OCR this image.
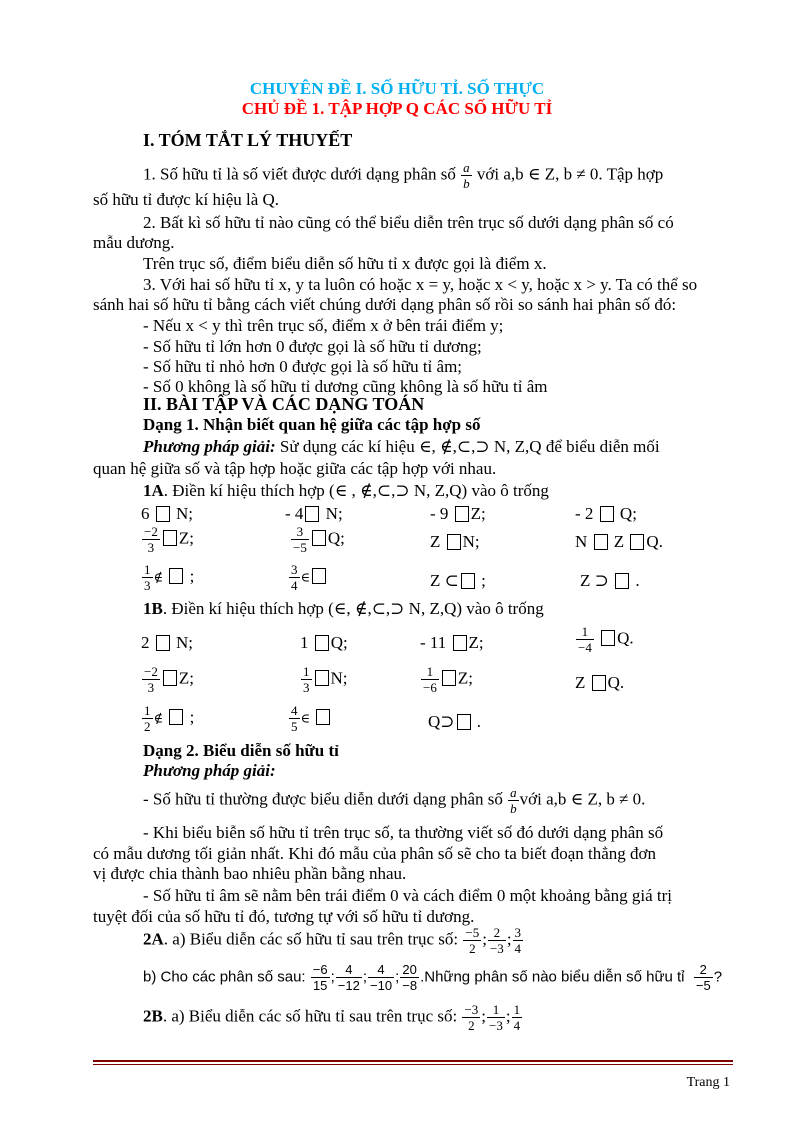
CHUYÊN ĐỀ I. SỐ HỮU TỈ. SỐ THỰC
CHỦ ĐỀ 1. TẬP HỢP Q CÁC SỐ HỮU TỈ
I. TÓM TẮT LÝ THUYẾT
1. Số hữu tỉ là số viết được dưới dạng phân số $\frac{a}{b}$ với a,b ∈ Z, b ≠ 0. Tập hợp
số hữu tỉ được kí hiệu là Q.
2. Bất kì số hữu tỉ nào cũng có thể biểu diễn trên trục số dưới dạng phân số có
mẫu dương.
Trên trục số, điểm biểu diễn số hữu tỉ x được gọi là điểm x.
3. Với hai số hữu tỉ x, y ta luôn có hoặc x = y, hoặc x < y, hoặc x > y. Ta có thể so
sánh hai số hữu tỉ bằng cách viết chúng dưới dạng phân số rồi so sánh hai phân số đó:
- Nếu x < y thì trên trục số, điểm x ở bên trái điểm y;
- Số hữu tỉ lớn hơn 0 được gọi là số hữu tỉ dương;
- Số hữu tỉ nhỏ hơn 0 được gọi là số hữu tỉ âm;
- Số 0 không là số hữu tỉ dương cũng không là số hữu tỉ âm
II. BÀI TẬP VÀ CÁC DẠNG TOÁN
Dạng 1. Nhận biết quan hệ giữa các tập hợp số
Phương pháp giải: Sử dụng các kí hiệu ∈, ∉,⊂,⊃ N, Z,Q để biểu diễn mối
quan hệ giữa số và tập hợp hoặc giữa các tập hợp với nhau.
1A. Điền kí hiệu thích hợp (∈ , ∉,⊂,⊃ N, Z,Q) vào ô trống
6 N;	- 4 N;	- 9 Z;	- 2 Q;
$\frac{-2}{3} Z$;	$\frac{3}{-5} Q$;	Z N;	N Z Q.
$\frac{1}{3}$ ∉ ;	$\frac{3}{4}$ ∈	Z ⊂ ;	Z ⊃ .
1B. Điền kí hiệu thích hợp (∈, ∉,⊂,⊃ N, Z,Q) vào ô trống
2 N;	1 Q;	- 11 Z;	$\frac{1}{-4} Q$.
$\frac{-2}{3} Z$;	$\frac{1}{3} N$;	$\frac{1}{-6} Z$;	Z Q.
$\frac{1}{2}$ ∉ ;	$\frac{4}{5}$ ∈	Q⊃ .
Dạng 2. Biểu diễn số hữu tỉ
Phương pháp giải:
- Số hữu tỉ thường được biểu diễn dưới dạng phân số $\frac{a}{b}$ với a,b ∈ Z, b ≠ 0.
- Khi biểu biễn số hữu tỉ trên trục số, ta thường viết số đó dưới dạng phân số
có mẫu dương tối giản nhất. Khi đó mẫu của phân số sẽ cho ta biết đoạn thẳng đơn
vị được chia thành bao nhiêu phần bằng nhau.
- Số hữu tỉ âm sẽ nằm bên trái điểm 0 và cách điểm 0 một khoảng bằng giá trị
tuyệt đối của số hữu tỉ đó, tương tự với số hữu tỉ dương.
2A. a) Biểu diễn các số hữu tỉ sau trên trục số: $\frac{-5}{2}$ ; $\frac{2}{-3}$ ; $\frac{3}{4}$
b) Cho các phân số sau: $\frac{-6}{15}$ ; $\frac{4}{-12}$ ; $\frac{4}{-10}$ ; $\frac{20}{-8}$ .Những phân số nào biểu diễn số hữu tỉ $\frac{2}{-5}$ ?
2B. a) Biểu diễn các số hữu tỉ sau trên trục số: $\frac{-3}{2}$ ; $\frac{1}{-3}$ ; $\frac{1}{4}$
Trang 1
